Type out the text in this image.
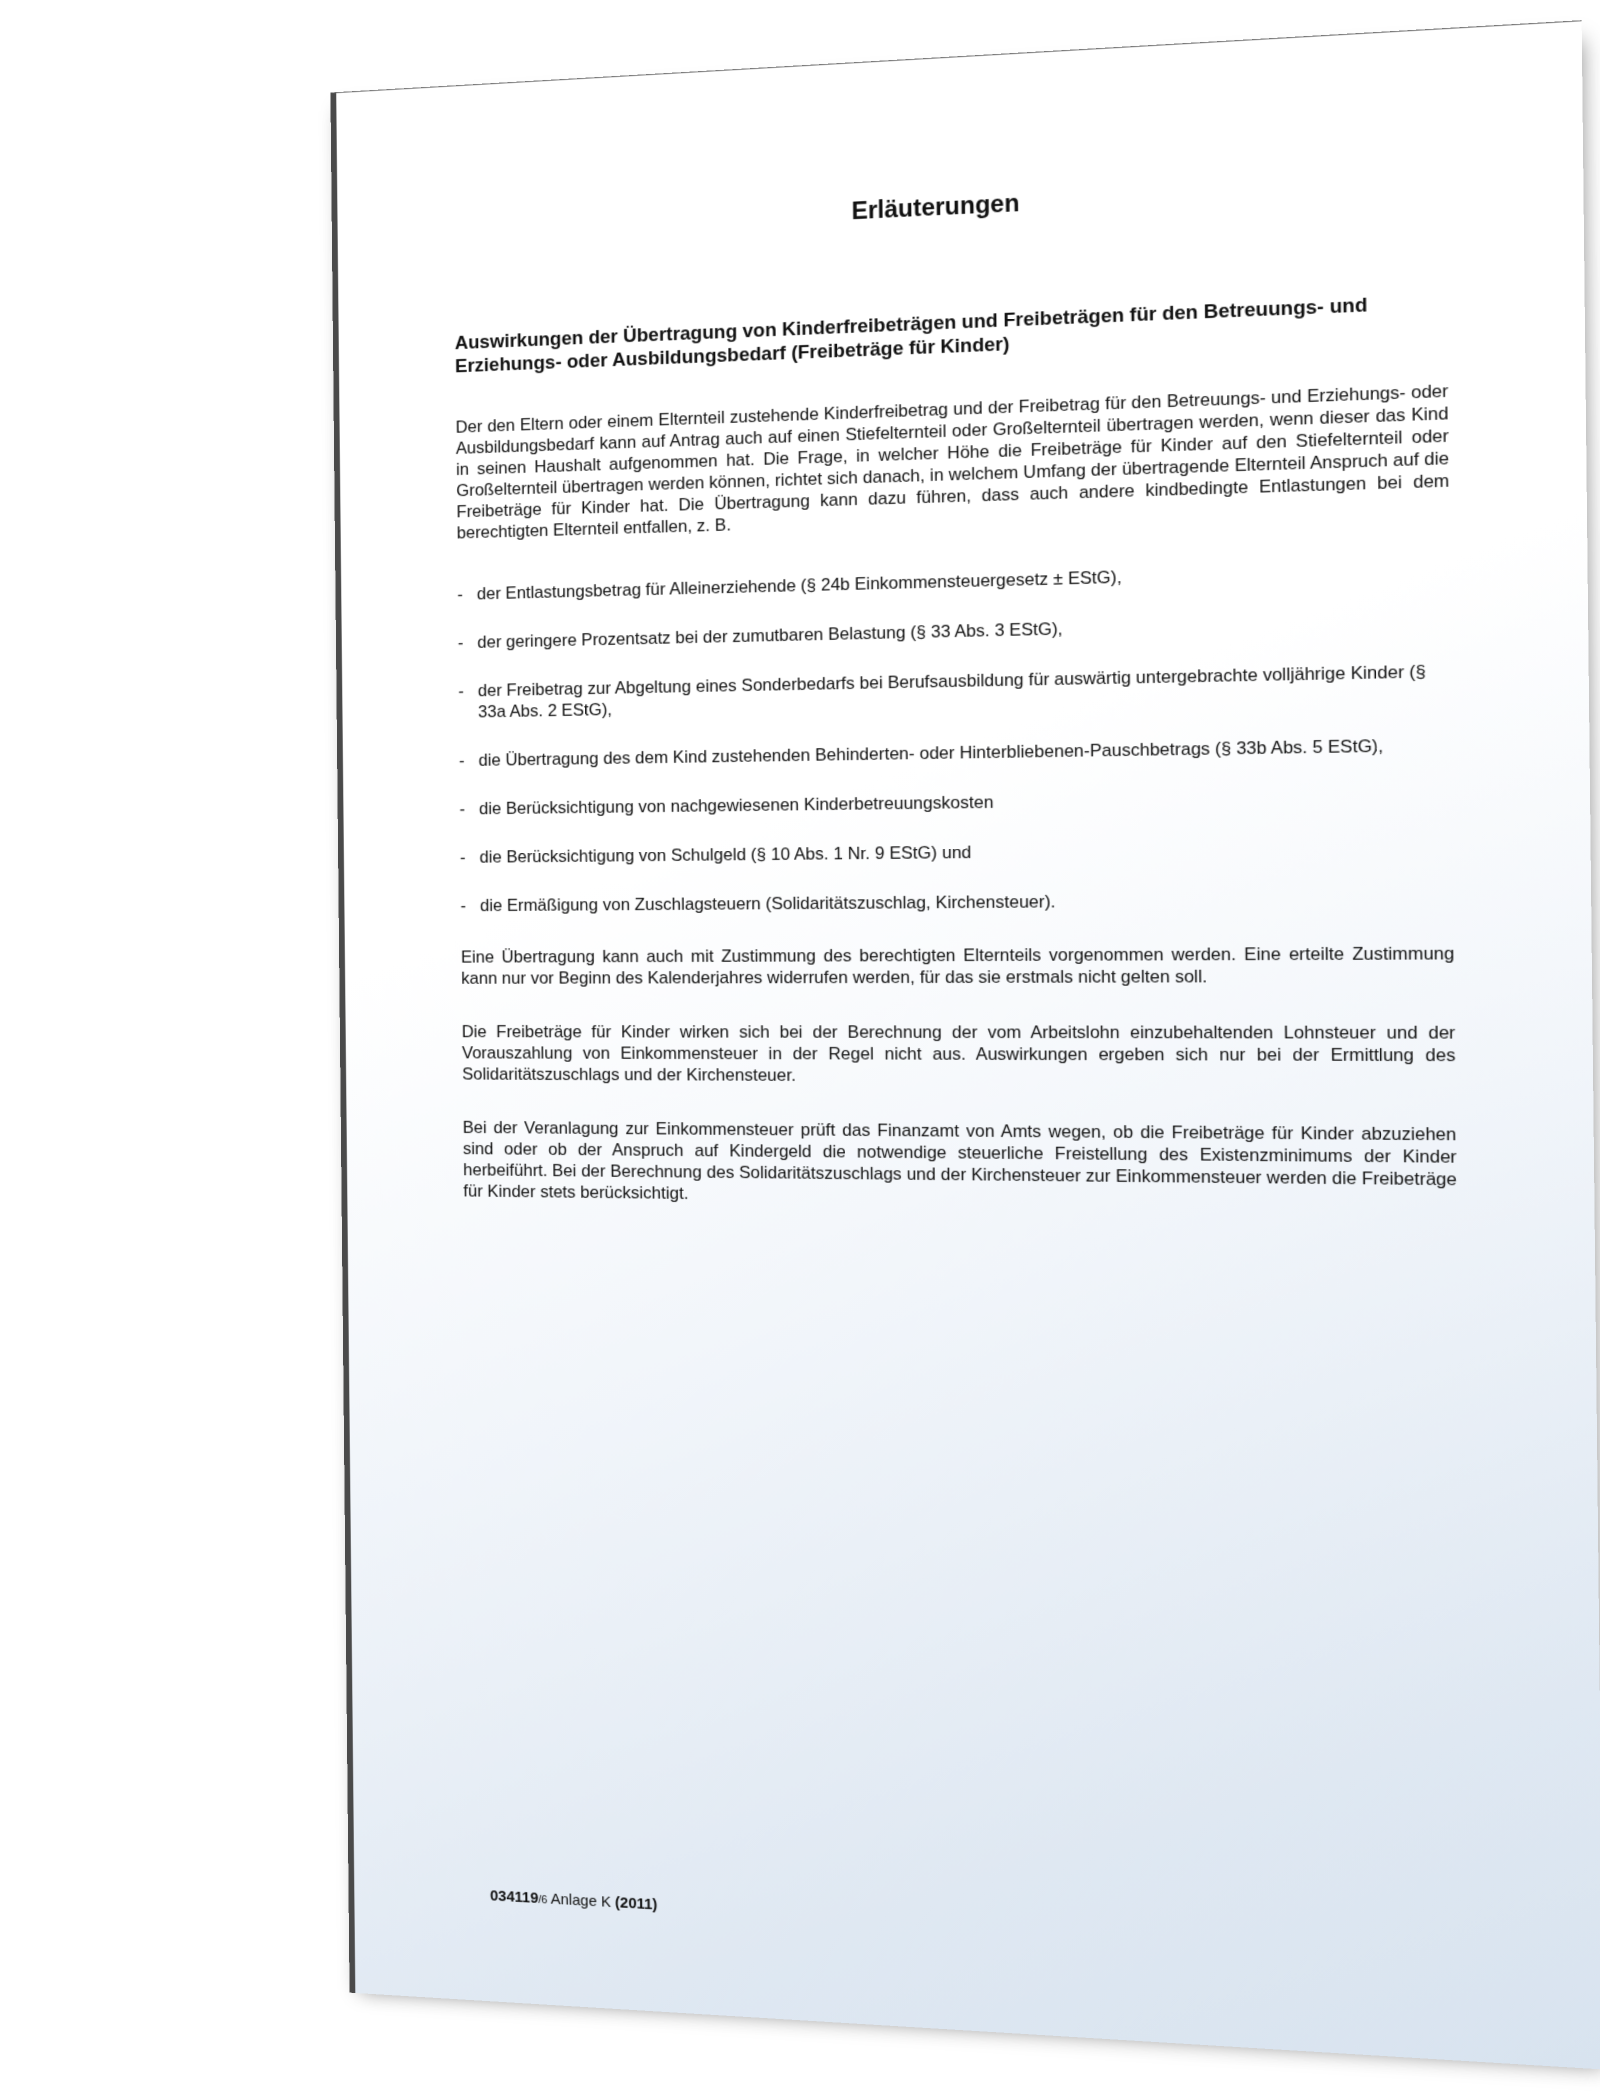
Erläuterungen
Auswirkungen der Übertragung von Kinderfreibeträgen und Freibeträgen für den Betreuungs- und Erziehungs- oder Ausbildungsbedarf (Freibeträge für Kinder)

Der den Eltern oder einem Elternteil zustehende Kinderfreibetrag und der Freibetrag für den Betreuungs- und Erziehungs- oder Ausbildungsbedarf kann auf Antrag auch auf einen Stiefelternteil oder Großelternteil übertragen werden, wenn dieser das Kind in seinen Haushalt aufgenommen hat. Die Frage, in welcher Höhe die Freibeträge für Kinder auf den Stiefelternteil oder Großelternteil übertragen werden können, richtet sich danach, in welchem Umfang der übertragende Elternteil Anspruch auf die Freibeträge für Kinder hat. Die Übertragung kann dazu führen, dass auch andere kindbedingte Entlastungen bei dem berechtigten Elternteil entfallen, z. B.

- der Entlastungsbetrag für Alleinerziehende (§ 24b Einkommensteuergesetz ± EStG),
- der geringere Prozentsatz bei der zumutbaren Belastung (§ 33 Abs. 3 EStG),
- der Freibetrag zur Abgeltung eines Sonderbedarfs bei Berufsausbildung für auswärtig untergebrachte volljährige Kinder (§ 33a Abs. 2 EStG),
- die Übertragung des dem Kind zustehenden Behinderten- oder Hinterbliebenen-Pauschbetrags (§ 33b Abs. 5 EStG),
- die Berücksichtigung von nachgewiesenen Kinderbetreuungskosten
- die Berücksichtigung von Schulgeld (§ 10 Abs. 1 Nr. 9 EStG) und
- die Ermäßigung von Zuschlagsteuern (Solidaritätszuschlag, Kirchensteuer).

Eine Übertragung kann auch mit Zustimmung des berechtigten Elternteils vorgenommen werden. Eine erteilte Zustimmung kann nur vor Beginn des Kalenderjahres widerrufen werden, für das sie erstmals nicht gelten soll.

Die Freibeträge für Kinder wirken sich bei der Berechnung der vom Arbeitslohn einzubehaltenden Lohnsteuer und der Vorauszahlung von Einkommensteuer in der Regel nicht aus. Auswirkungen ergeben sich nur bei der Ermittlung des Solidaritätszuschlags und der Kirchensteuer.

Bei der Veranlagung zur Einkommensteuer prüft das Finanzamt von Amts wegen, ob die Freibeträge für Kinder abzuziehen sind oder ob der Anspruch auf Kindergeld die notwendige steuerliche Freistellung des Existenzminimums der Kinder herbeiführt. Bei der Berechnung des Solidaritätszuschlags und der Kirchensteuer zur Einkommensteuer werden die Freibeträge für Kinder stets berücksichtigt.

034119/6 Anlage K (2011)
